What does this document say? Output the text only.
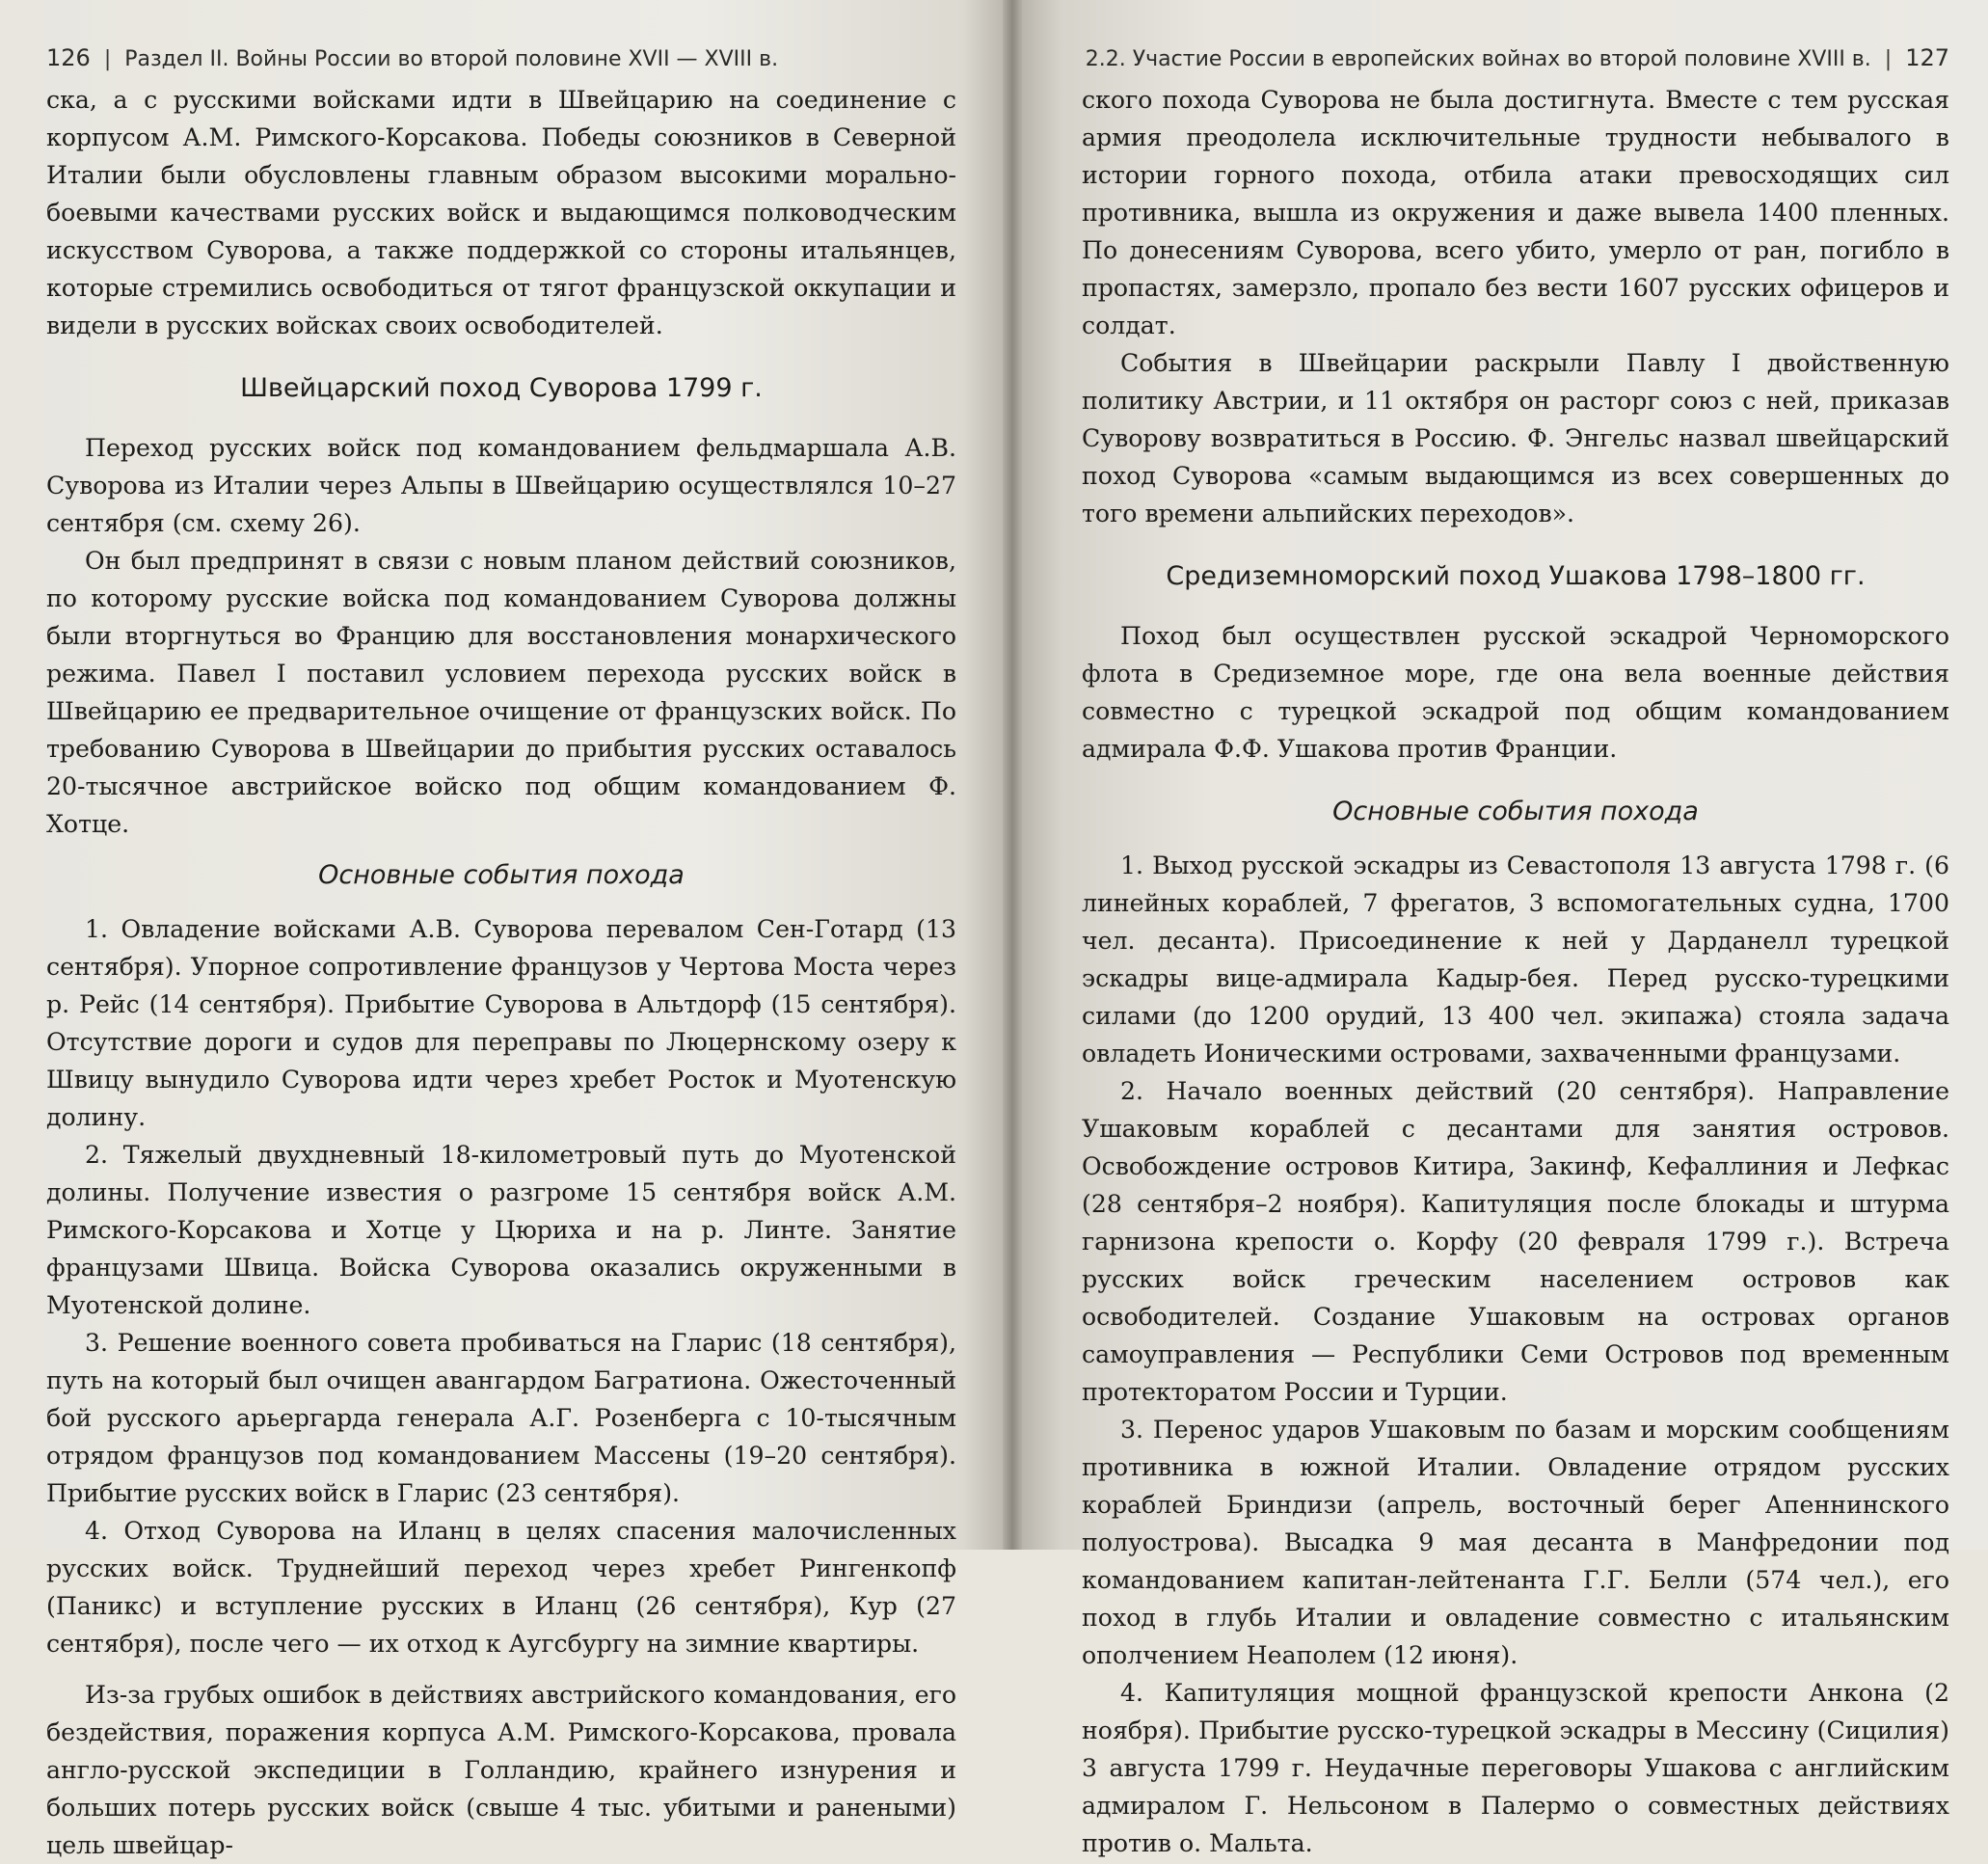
126 | Раздел II. Войны России во второй половине XVII — XVIII в.

ска, а с русскими войсками идти в Швейцарию на соединение с корпусом А.М. Римского-Корсакова. Победы союзников в Северной Италии были обусловлены главным образом высокими морально-боевыми качествами русских войск и выдающимся полководческим искусством Суворова, а также поддержкой со стороны итальянцев, которые стремились освободиться от тягот французской оккупации и видели в русских войсках своих освободителей.

Швейцарский поход Суворова 1799 г.

Переход русских войск под командованием фельдмаршала А.В. Суворова из Италии через Альпы в Швейцарию осуществлялся 10–27 сентября (см. схему 26).

Он был предпринят в связи с новым планом действий союзников, по которому русские войска под командованием Суворова должны были вторгнуться во Францию для восстановления монархического режима. Павел I поставил условием перехода русских войск в Швейцарию ее предварительное очищение от французских войск. По требованию Суворова в Швейцарии до прибытия русских оставалось 20-тысячное австрийское войско под общим командованием Ф. Хотце.

Основные события похода

1. Овладение войсками А.В. Суворова перевалом Сен-Готард (13 сентября). Упорное сопротивление французов у Чертова Моста через р. Рейс (14 сентября). Прибытие Суворова в Альтдорф (15 сентября). Отсутствие дороги и судов для переправы по Люцернскому озеру к Швицу вынудило Суворова идти через хребет Росток и Муотенскую долину.

2. Тяжелый двухдневный 18-километровый путь до Муотенской долины. Получение известия о разгроме 15 сентября войск А.М. Римского-Корсакова и Хотце у Цюриха и на р. Линте. Занятие французами Швица. Войска Суворова оказались окруженными в Муотенской долине.

3. Решение военного совета пробиваться на Гларис (18 сентября), путь на который был очищен авангардом Багратиона. Ожесточенный бой русского арьергарда генерала А.Г. Розенберга с 10-тысячным отрядом французов под командованием Массены (19–20 сентября). Прибытие русских войск в Гларис (23 сентября).

4. Отход Суворова на Иланц в целях спасения малочисленных русских войск. Труднейший переход через хребет Рингенкопф (Паникс) и вступление русских в Иланц (26 сентября), Кур (27 сентября), после чего — их отход к Аугсбургу на зимние квартиры.

Из-за грубых ошибок в действиях австрийского командования, его бездействия, поражения корпуса А.М. Римского-Корсакова, провала англо-русской экспедиции в Голландию, крайнего изнурения и больших потерь русских войск (свыше 4 тыс. убитыми и ранеными) цель швейцар-

2.2. Участие России в европейских войнах во второй половине XVIII в. | 127

ского похода Суворова не была достигнута. Вместе с тем русская армия преодолела исключительные трудности небывалого в истории горного похода, отбила атаки превосходящих сил противника, вышла из окружения и даже вывела 1400 пленных. По донесениям Суворова, всего убито, умерло от ран, погибло в пропастях, замерзло, пропало без вести 1607 русских офицеров и солдат.

События в Швейцарии раскрыли Павлу I двойственную политику Австрии, и 11 октября он расторг союз с ней, приказав Суворову возвратиться в Россию. Ф. Энгельс назвал швейцарский поход Суворова «самым выдающимся из всех совершенных до того времени альпийских переходов».

Средиземноморский поход Ушакова 1798–1800 гг.

Поход был осуществлен русской эскадрой Черноморского флота в Средиземное море, где она вела военные действия совместно с турецкой эскадрой под общим командованием адмирала Ф.Ф. Ушакова против Франции.

Основные события похода

1. Выход русской эскадры из Севастополя 13 августа 1798 г. (6 линейных кораблей, 7 фрегатов, 3 вспомогательных судна, 1700 чел. десанта). Присоединение к ней у Дарданелл турецкой эскадры вице-адмирала Кадыр-бея. Перед русско-турецкими силами (до 1200 орудий, 13 400 чел. экипажа) стояла задача овладеть Ионическими островами, захваченными французами.

2. Начало военных действий (20 сентября). Направление Ушаковым кораблей с десантами для занятия островов. Освобождение островов Китира, Закинф, Кефаллиния и Лефкас (28 сентября–2 ноября). Капитуляция после блокады и штурма гарнизона крепости о. Корфу (20 февраля 1799 г.). Встреча русских войск греческим населением островов как освободителей. Создание Ушаковым на островах органов самоуправления — Республики Семи Островов под временным протекторатом России и Турции.

3. Перенос ударов Ушаковым по базам и морским сообщениям противника в южной Италии. Овладение отрядом русских кораблей Бриндизи (апрель, восточный берег Апеннинского полуострова). Высадка 9 мая десанта в Манфредонии под командованием капитан-лейтенанта Г.Г. Белли (574 чел.), его поход в глубь Италии и овладение совместно с итальянским ополчением Неаполем (12 июня).

4. Капитуляция мощной французской крепости Анкона (2 ноября). Прибытие русско-турецкой эскадры в Мессину (Сицилия) 3 августа 1799 г. Неудачные переговоры Ушакова с английским адмиралом Г. Нельсоном в Палермо о совместных действиях против о. Мальта.
